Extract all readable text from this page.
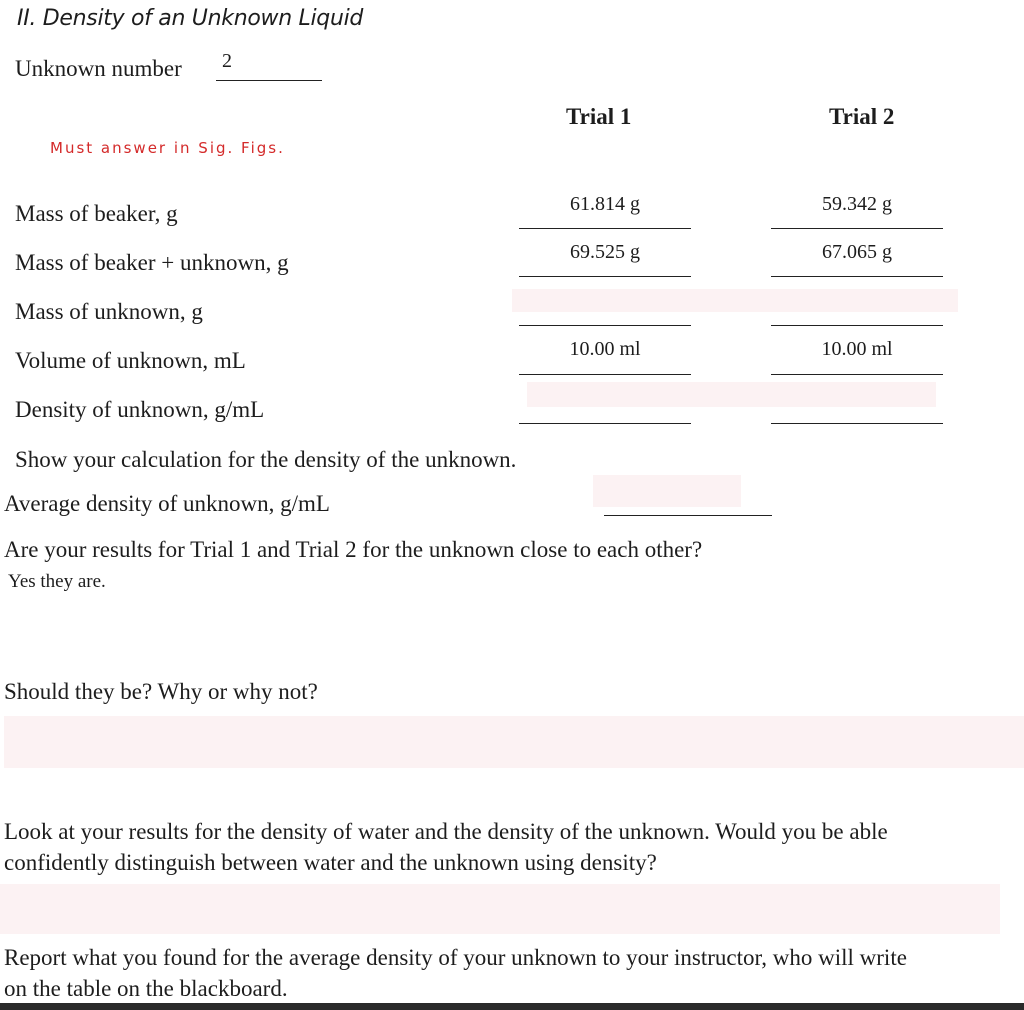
II. Density of an Unknown Liquid
Unknown number 2
Trial 1	Trial 2
Must answer in Sig. Figs.
Mass of beaker, g	61.814 g	59.342 g
Mass of beaker + unknown, g	69.525 g	67.065 g
Mass of unknown, g
Volume of unknown, mL	10.00 ml	10.00 ml
Density of unknown, g/mL
Show your calculation for the density of the unknown.
Average density of unknown, g/mL
Are your results for Trial 1 and Trial 2 for the unknown close to each other?
Yes they are.
Should they be? Why or why not?
Look at your results for the density of water and the density of the unknown. Would you be able
confidently distinguish between water and the unknown using density?
Report what you found for the average density of your unknown to your instructor, who will write
on the table on the blackboard.
